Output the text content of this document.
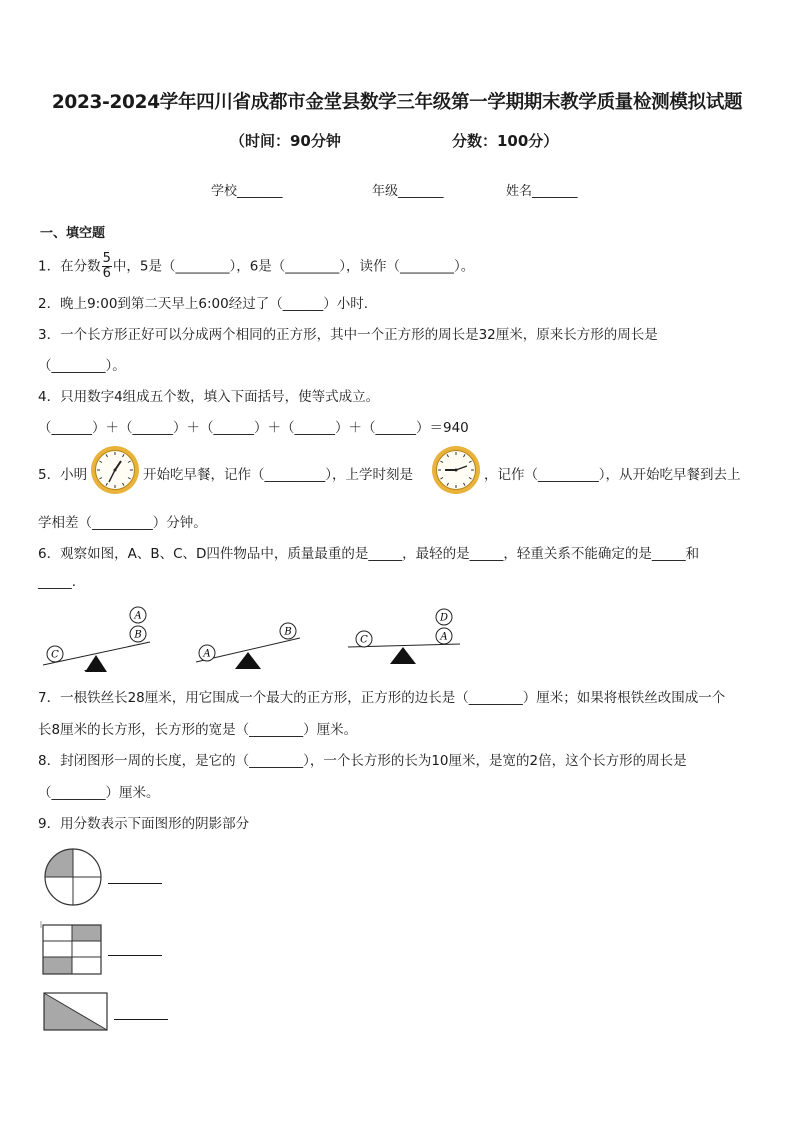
2023-2024学年四川省成都市金堂县数学三年级第一学期期末教学质量检测模拟试题
（时间：90分钟	分数：100分）
学校_______	年级_______	姓名_______
一、填空题
1．在分数 $\frac{5}{6}$ 中，5是（________），6是（________），读作（________）。
2．晚上9:00到第二天早上6:00经过了（______）小时.
3．一个长方形正好可以分成两个相同的正方形，其中一个正方形的周长是32厘米，原来长方形的周长是
（________）。
4．只用数字4组成五个数，填入下面括号，使等式成立。
（______）＋（______）＋（______）＋（______）＋（______）＝940
5．小明	开始吃早餐，记作（_________），上学时刻是	，记作（_________），从开始吃早餐到去上
学相差（_________）分钟。
6．观察如图，A、B、C、D四件物品中，质量最重的是_____，最轻的是_____，轻重关系不能确定的是_____和
_____.
C
B
A
A
B
C	A
D
7．一根铁丝长28厘米，用它围成一个最大的正方形，正方形的边长是（________）厘米；如果将根铁丝改围成一个
长8厘米的长方形，长方形的宽是（________）厘米。
8．封闭图形一周的长度，是它的（________），一个长方形的长为10厘米，是宽的2倍，这个长方形的周长是
（________）厘米。
9．用分数表示下面图形的阴影部分
